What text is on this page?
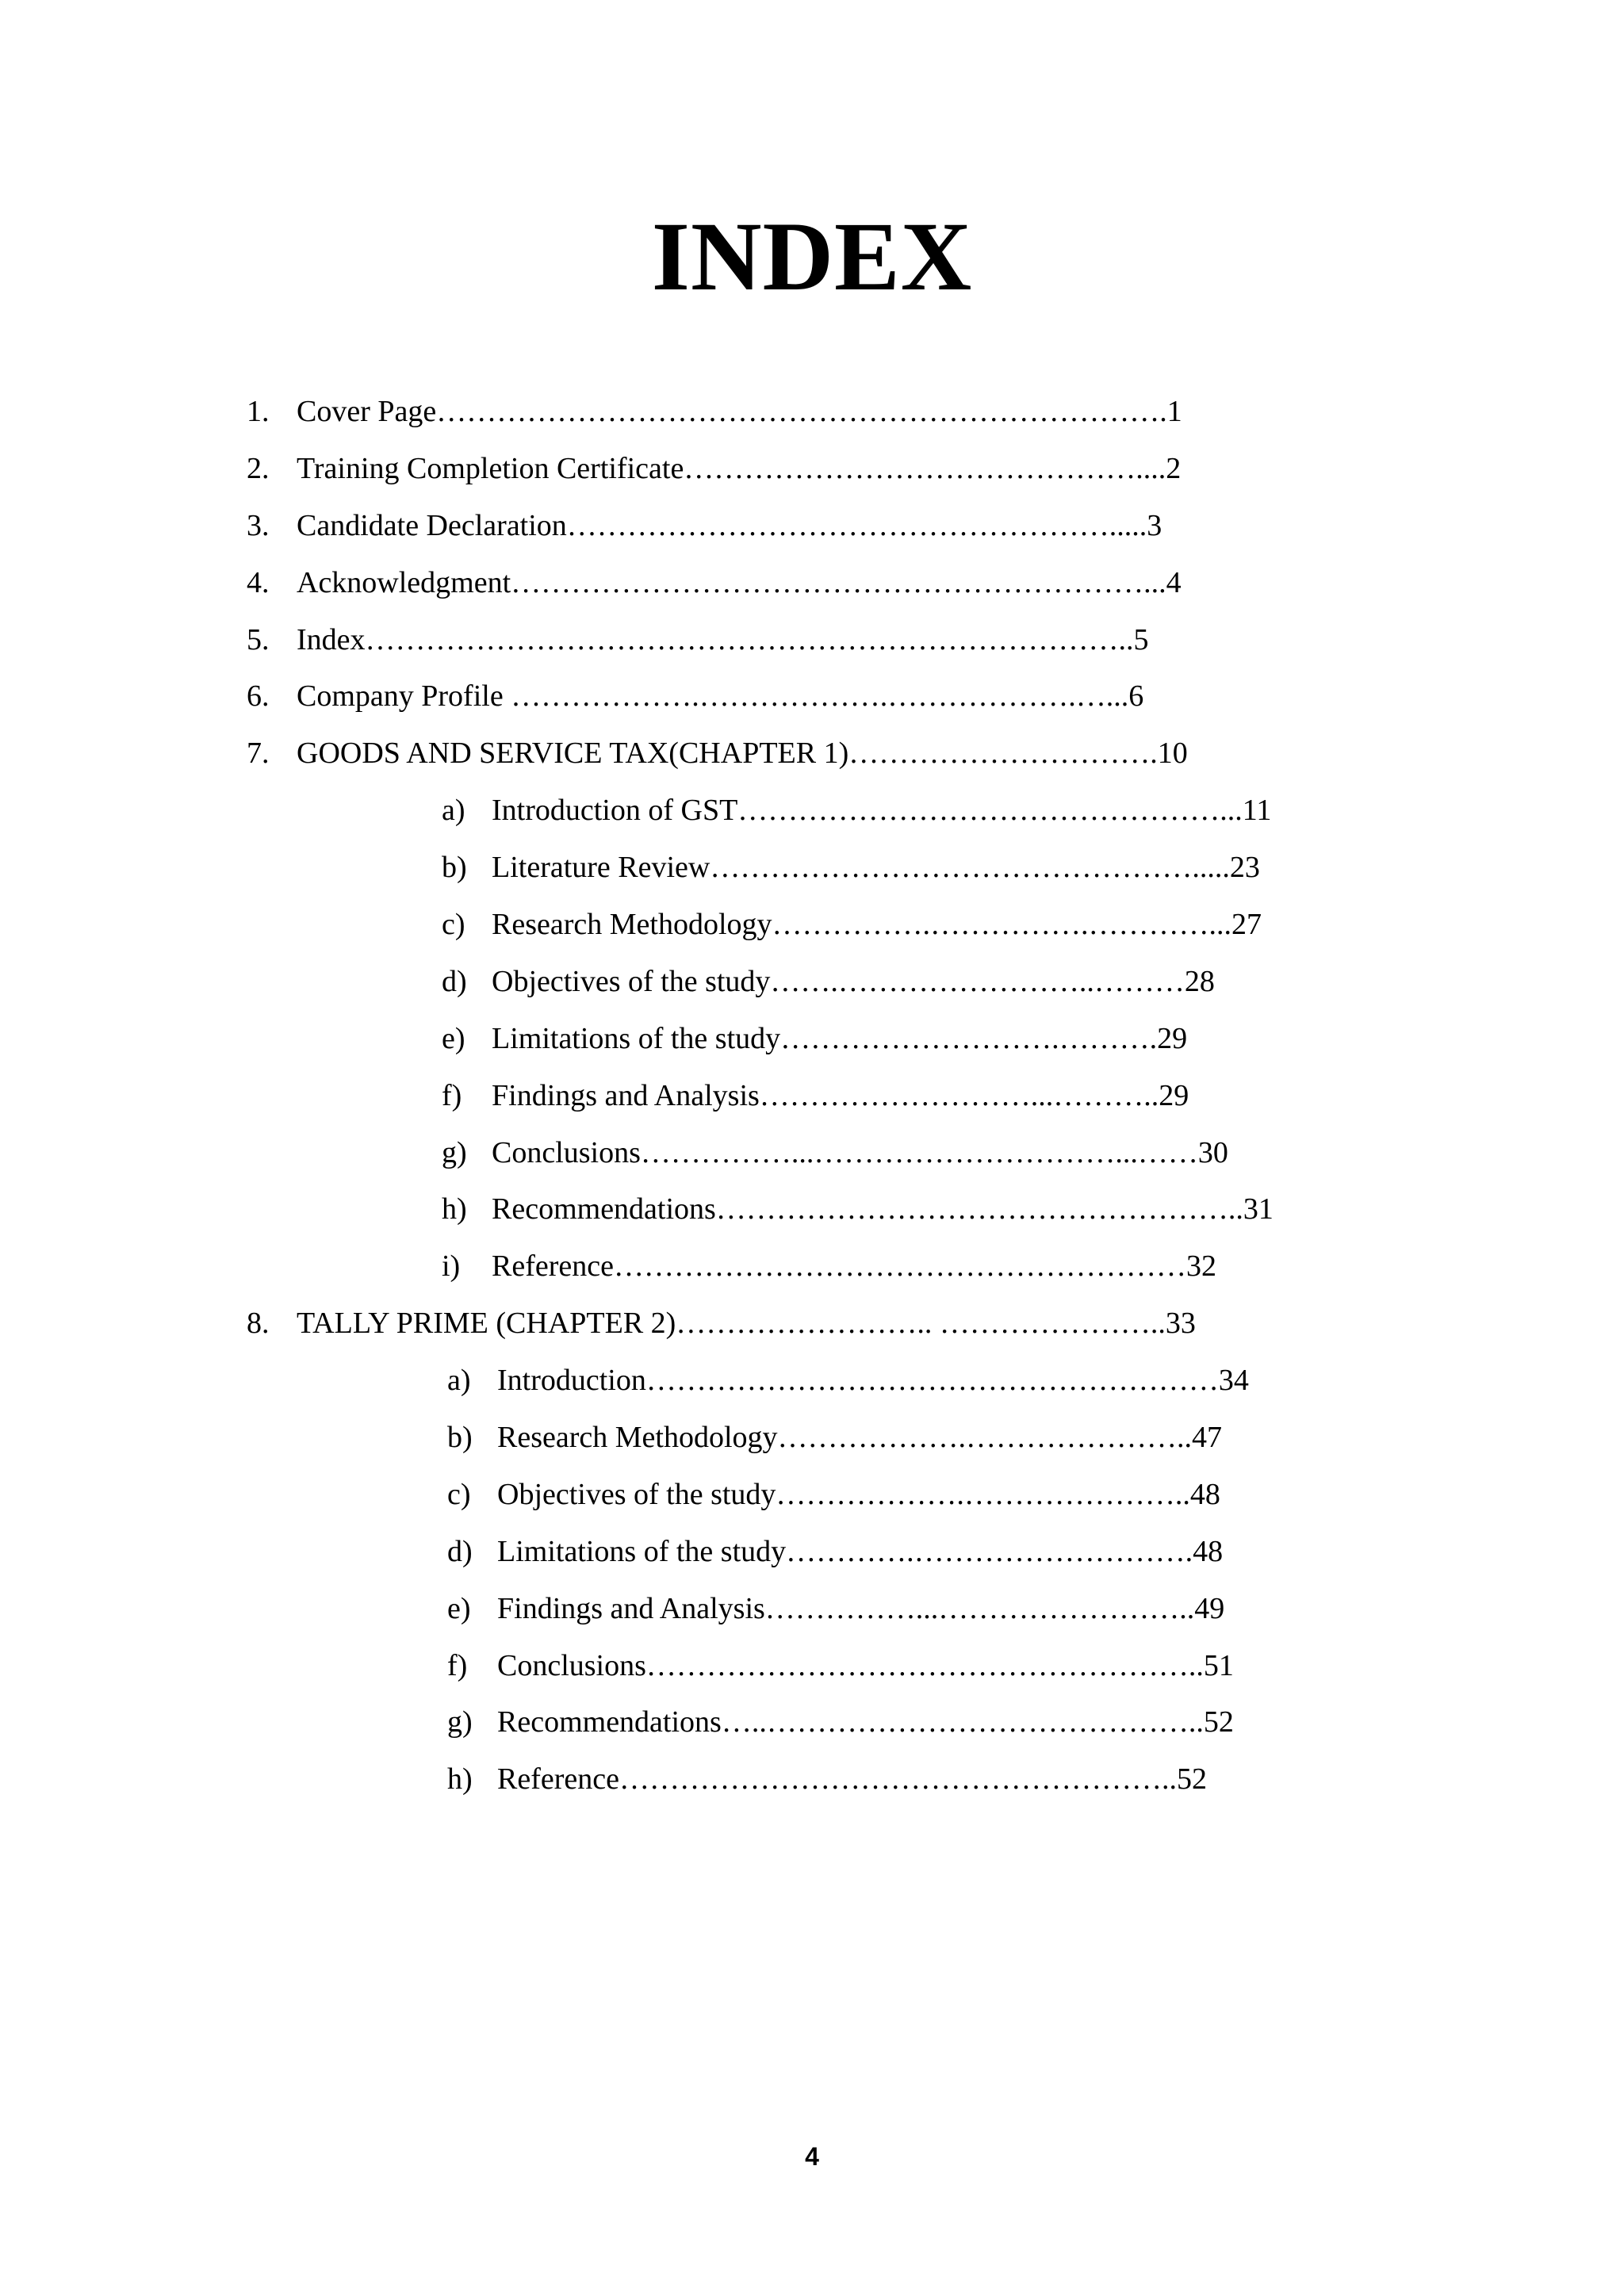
INDEX
1. Cover Page……………………………………………………………….1
2. Training Completion Certificate………………………………………....2
3. Candidate Declaration……………………………………………….....3
4. Acknowledgment………………………………………………………...4
5. Index…………………………………………………………………..5
6. Company Profile ……………….……………….……………….…...6
7. GOODS AND SERVICE TAX(CHAPTER 1)………………………….10
a) Introduction of GST…………………………………………...11
b) Literature Review………………………………………….....23
c) Research Methodology…………….…………….…………...27
d) Objectives of the study…….……………………..………28
e) Limitations of the study……………………….……….29
f) Findings and Analysis………………………...………..29
g) Conclusions……………...…………………………...……30
h) Recommendations……………………………………………..31
i)	Reference…………………………………………………32
8. TALLY PRIME (CHAPTER 2)…………………….. …………………..33
a) Introduction…………………………………………………34
b) Research Methodology……………….…………………..47
c) Objectives of the study……………….…………………..48
d) Limitations of the study………….……………………….48
e) Findings and Analysis……………...……………………..49
f) Conclusions………………………………………………..51
g) Recommendations…..……………………………………..52
h) Reference………………………………………………..52
4
